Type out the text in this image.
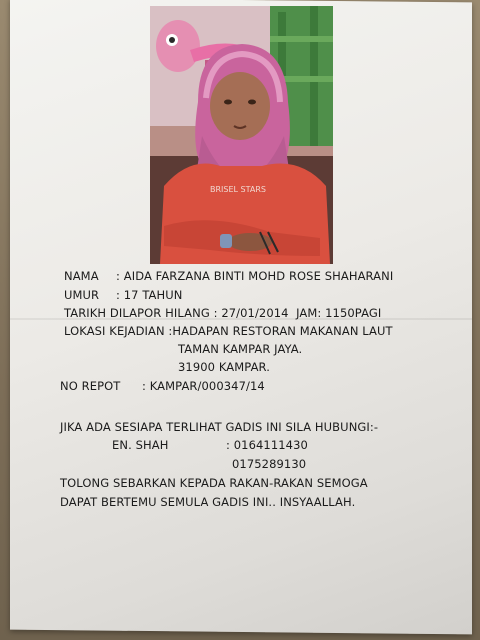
BRISEL STARS
NAMA : AIDA FARZANA BINTI MOHD ROSE SHAHARANI
UMUR : 17 TAHUN
TARIKH DILAPOR HILANG : 27/01/2014  JAM: 1150PAGI
LOKASI KEJADIAN :HADAPAN RESTORAN MAKANAN LAUT
TAMAN KAMPAR JAYA.
31900 KAMPAR.
NO REPOT : KAMPAR/000347/14
JIKA ADA SESIAPA TERLIHAT GADIS INI SILA HUBUNGI:-
EN. SHAH	: 0164111430
0175289130
TOLONG SEBARKAN KEPADA RAKAN-RAKAN SEMOGA
DAPAT BERTEMU SEMULA GADIS INI.. INSYAALLAH.
